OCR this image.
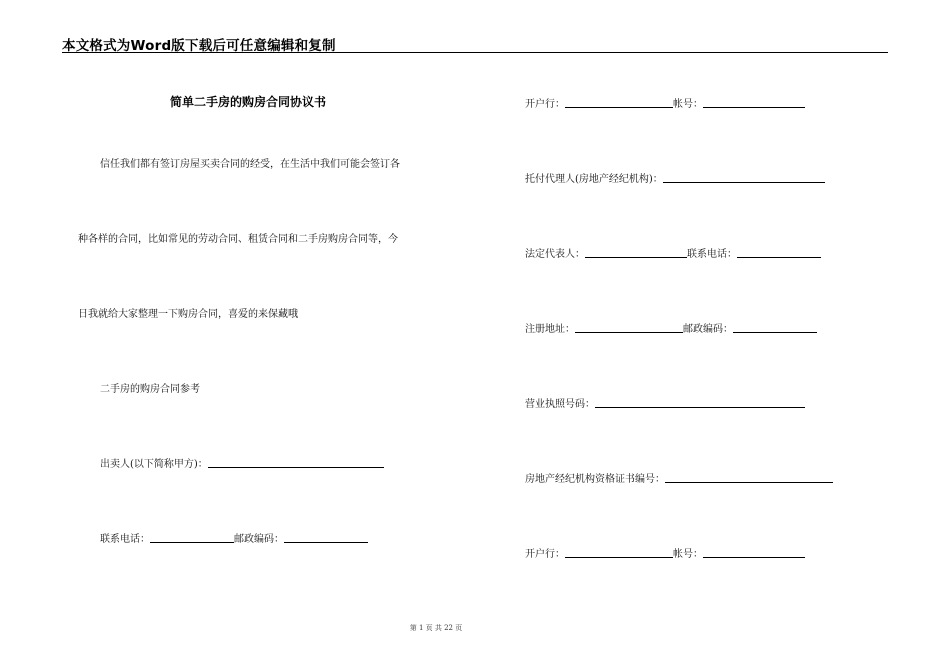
本文格式为Word版下载后可任意编辑和复制
简单二手房的购房合同协议书
信任我们都有签订房屋买卖合同的经受，在生活中我们可能会签订各
种各样的合同，比如常见的劳动合同、租赁合同和二手房购房合同等，今
日我就给大家整理一下购房合同，喜爱的来保藏哦
二手房的购房合同参考
出卖人(以下简称甲方)：
联系电话：	邮政编码：
开户行：	帐号：
托付代理人(房地产经纪机构)：
法定代表人：	联系电话：
注册地址：	邮政编码：
营业执照号码：
房地产经纪机构资格证书编号：
开户行：	帐号：
第 1 页 共 22 页
